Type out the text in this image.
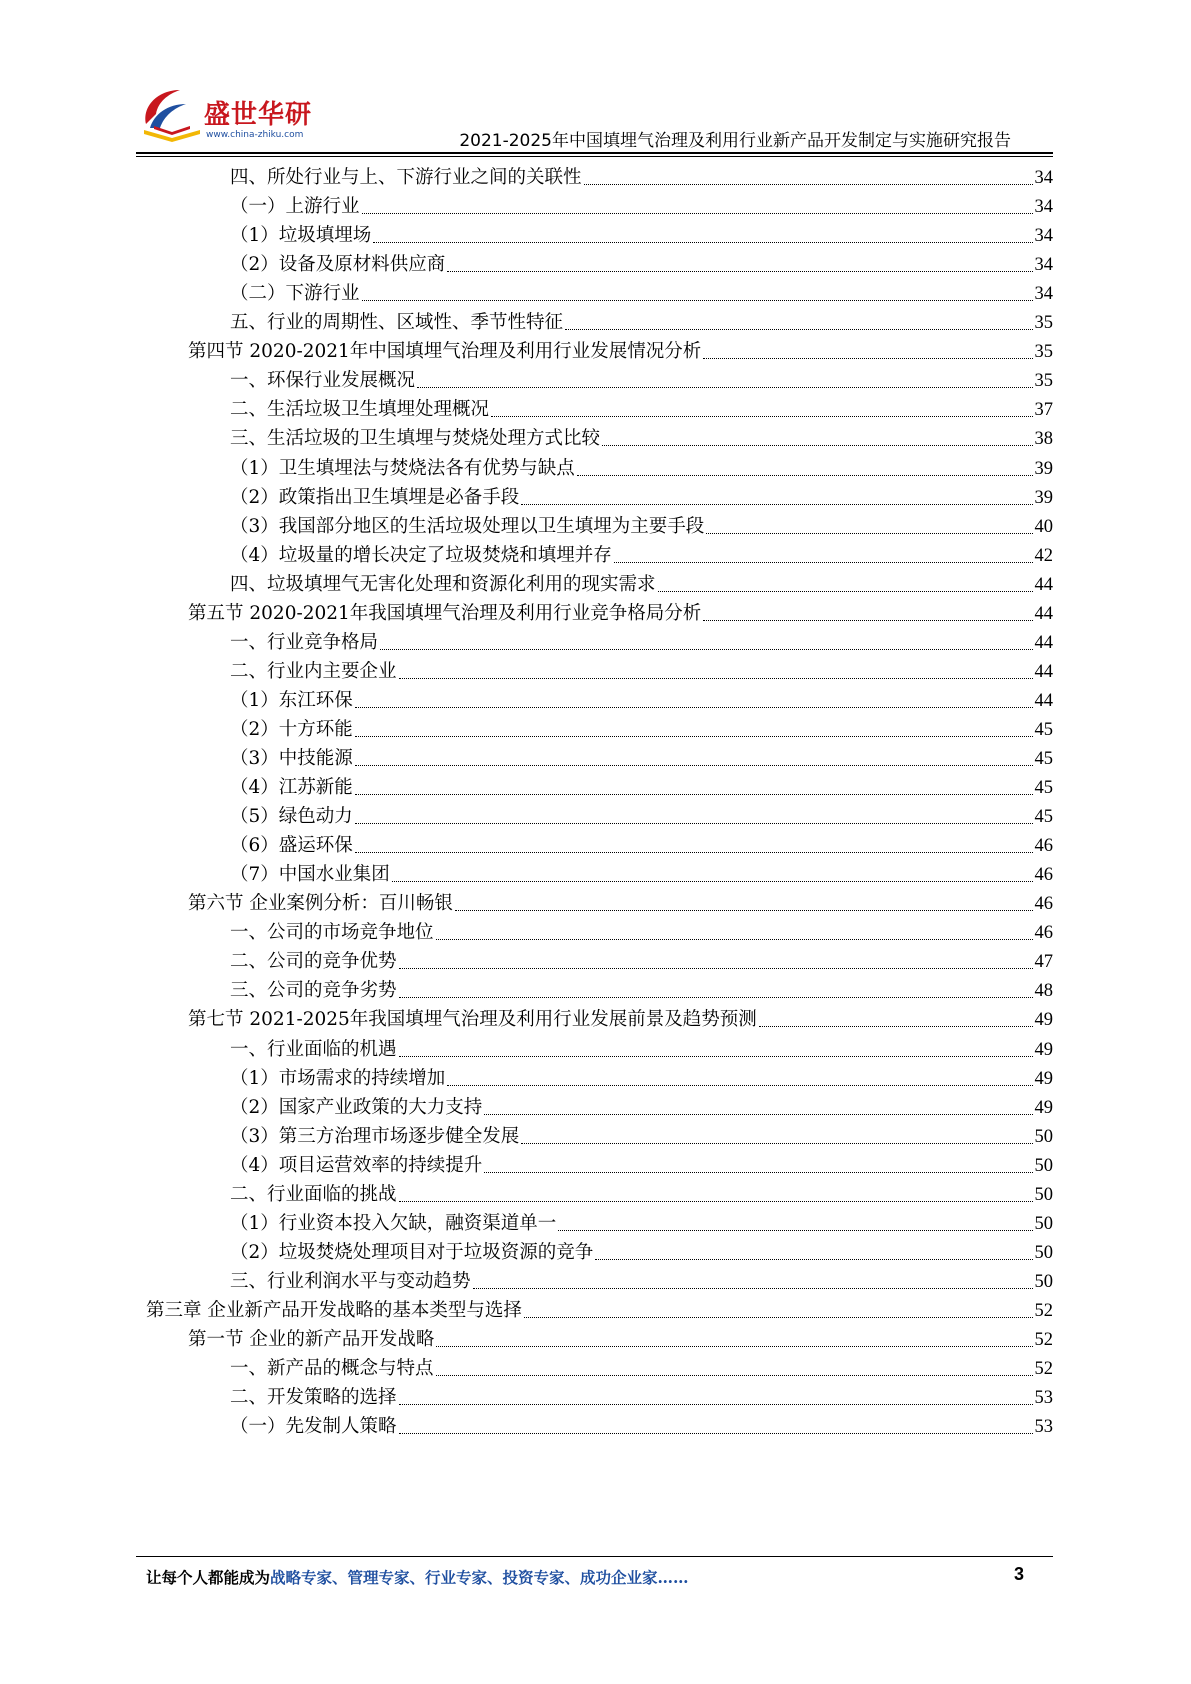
盛世华研
www.china-zhiku.com	2021-2025年中国填埋气治理及利用行业新产品开发制定与实施研究报告
四、所处行业与上、下游行业之间的关联性	34
（一）上游行业	34
（1）垃圾填埋场	34
（2）设备及原材料供应商	34
（二）下游行业	34
五、行业的周期性、区域性、季节性特征	35
第四节 2020-2021年中国填埋气治理及利用行业发展情况分析	35
一、环保行业发展概况	35
二、生活垃圾卫生填埋处理概况	37
三、生活垃圾的卫生填埋与焚烧处理方式比较	38
（1）卫生填埋法与焚烧法各有优势与缺点	39
（2）政策指出卫生填埋是必备手段	39
（3）我国部分地区的生活垃圾处理以卫生填埋为主要手段	40
（4）垃圾量的增长决定了垃圾焚烧和填埋并存	42
四、垃圾填埋气无害化处理和资源化利用的现实需求	44
第五节 2020-2021年我国填埋气治理及利用行业竞争格局分析	44
一、行业竞争格局	44
二、行业内主要企业	44
（1）东江环保	44
（2）十方环能	45
（3）中技能源	45
（4）江苏新能	45
（5）绿色动力	45
（6）盛运环保	46
（7）中国水业集团	46
第六节 企业案例分析：百川畅银	46
一、公司的市场竞争地位	46
二、公司的竞争优势	47
三、公司的竞争劣势	48
第七节 2021-2025年我国填埋气治理及利用行业发展前景及趋势预测	49
一、行业面临的机遇	49
（1）市场需求的持续增加	49
（2）国家产业政策的大力支持	49
（3）第三方治理市场逐步健全发展	50
（4）项目运营效率的持续提升	50
二、行业面临的挑战	50
（1）行业资本投入欠缺，融资渠道单一	50
（2）垃圾焚烧处理项目对于垃圾资源的竞争	50
三、行业利润水平与变动趋势	50
第三章 企业新产品开发战略的基本类型与选择	52
第一节 企业的新产品开发战略	52
一、新产品的概念与特点	52
二、开发策略的选择	53
（一）先发制人策略	53
让每个人都能成为战略专家、管理专家、行业专家、投资专家、成功企业家……	3
